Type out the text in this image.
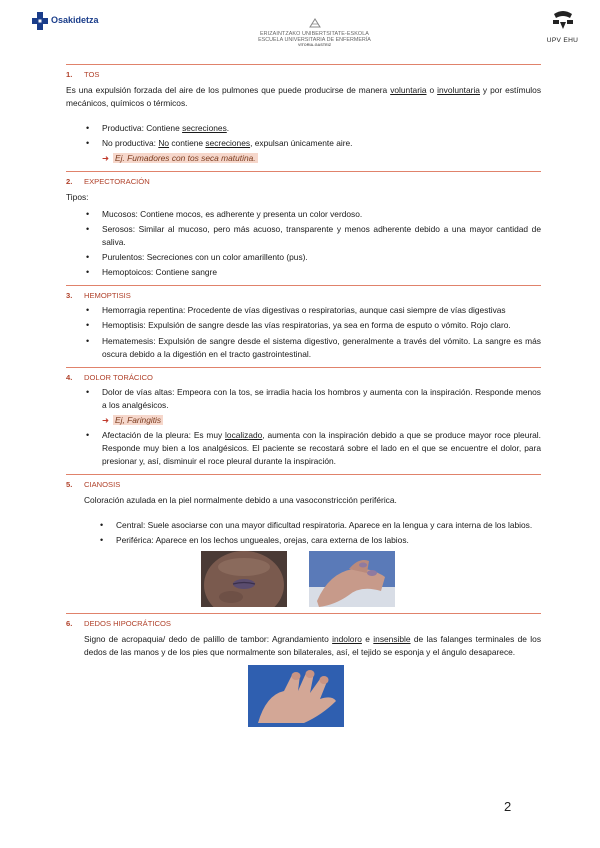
Osakidetza
ERIZAINTZAKO UNIBERTSITATE-ESKOLA
ESCUELA UNIVERSITARIA DE ENFERMERÍA
VITORIA-GASTEIZ
UPV EHU
1. TOS

Es una expulsión forzada del aire de los pulmones que puede producirse de manera voluntaria o involuntaria y por estímulos mecánicos, químicos o térmicos.

• Productiva: Contiene secreciones.
• No productiva: No contiene secreciones, expulsan únicamente aire.
➜ Ej. Fumadores con tos seca matutina.
2. EXPECTORACIÓN

Tipos:

• Mucosos: Contiene mocos, es adherente y presenta un color verdoso.
• Serosos: Similar al mucoso, pero más acuoso, transparente y menos adherente debido a una mayor cantidad de saliva.
• Purulentos: Secreciones con un color amarillento (pus).
• Hemoptoicos: Contiene sangre
3. HEMOPTISIS
• Hemorragia repentina: Procedente de vías digestivas o respiratorias, aunque casi siempre de vías digestivas
• Hemoptisis: Expulsión de sangre desde las vías respiratorias, ya sea en forma de esputo o vómito. Rojo claro.
• Hematemesis: Expulsión de sangre desde el sistema digestivo, generalmente a través del vómito. La sangre es más oscura debido a la digestión en el tracto gastrointestinal.
4. DOLOR TORÁCICO
• Dolor de vías altas: Empeora con la tos, se irradia hacia los hombros y aumenta con la inspiración. Responde menos a los analgésicos.
➜ Ej, Faringitis
• Afectación de la pleura: Es muy localizado, aumenta con la inspiración debido a que se produce mayor roce pleural. Responde muy bien a los analgésicos. El paciente se recostará sobre el lado en el que se encuentre el dolor, para presionar y, así, disminuir el roce pleural durante la inspiración.
5. CIANOSIS

Coloración azulada en la piel normalmente debido a una vasoconstricción periférica.

• Central: Suele asociarse con una mayor dificultad respiratoria. Aparece en la lengua y cara interna de los labios.
• Periférica: Aparece en los lechos ungueales, orejas, cara externa de los labios.
6. DEDOS HIPOCRÁTICOS

Signo de acropaquia/ dedo de palillo de tambor: Agrandamiento indoloro e insensible de las falanges terminales de los dedos de las manos y de los pies que normalmente son bilaterales, así, el tejido se esponja y el ángulo desaparece.

2
